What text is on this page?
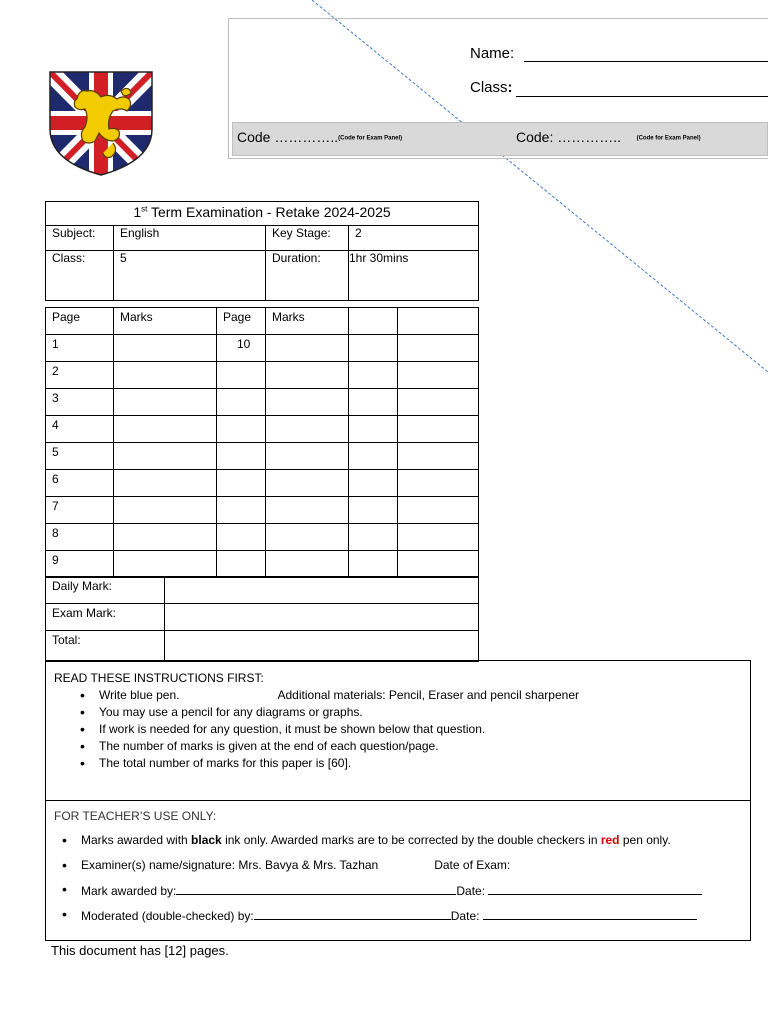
Name:
Class:
Code …………..(Code for Exam Panel)	Code: …………..	(Code for Exam Panel)
1st Term Examination - Retake 2024-2025			
Subject:	English	Key Stage:	2
Class:	5	Duration:	1hr 30mins
Page	Marks	Page	Marks		
1		10			
2					
3					
4					
5					
6					
7					
8					
9					
Daily Mark:	
Exam Mark:	
Total:	
READ THESE INSTRUCTIONS FIRST:
• Write blue pen.	Additional materials: Pencil, Eraser and pencil sharpener
• You may use a pencil for any diagrams or graphs.
• If work is needed for any question, it must be shown below that question.
• The number of marks is given at the end of each question/page.
• The total number of marks for this paper is [60].
FOR TEACHER’S USE ONLY:
• Marks awarded with black ink only. Awarded marks are to be corrected by the double checkers in red pen only.
• Examiner(s) name/signature: Mrs. Bavya & Mrs. Tazhan	Date of Exam:
• Mark awarded by:	Date:
• Moderated (double-checked) by:	Date:
This document has [12] pages.
